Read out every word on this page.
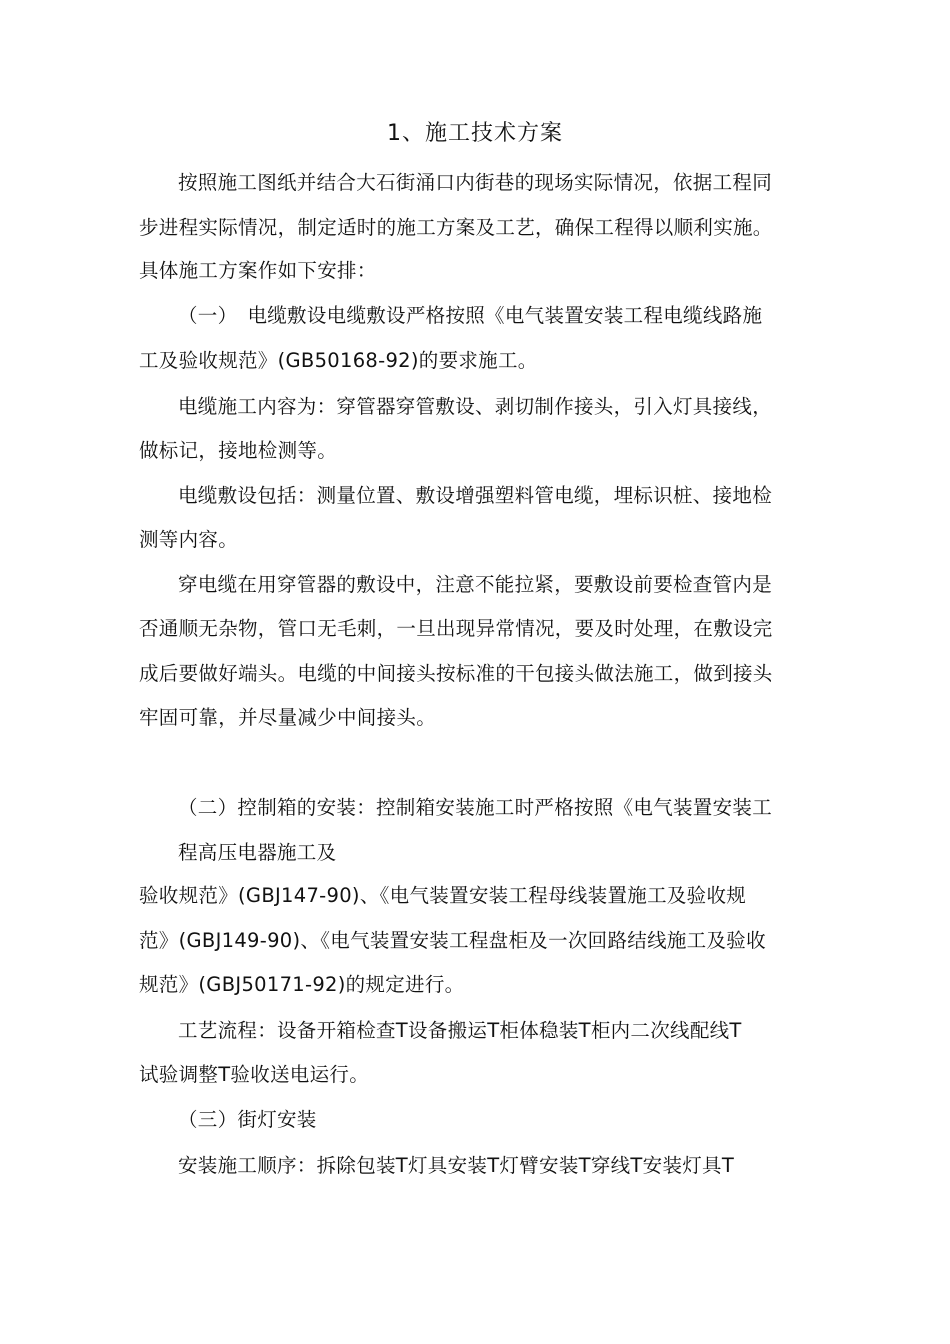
1、施工技术方案
按照施工图纸并结合大石街涌口内街巷的现场实际情况，依据工程同
步进程实际情况，制定适时的施工方案及工艺，确保工程得以顺利实施。
具体施工方案作如下安排：
（一）　电缆敷设电缆敷设严格按照《电气装置安装工程电缆线路施
工及验收规范》(GB50168-92)的要求施工。
电缆施工内容为：穿管器穿管敷设、剥切制作接头，引入灯具接线，
做标记，接地检测等。
电缆敷设包括：测量位置、敷设增强塑料管电缆，埋标识桩、接地检
测等内容。
穿电缆在用穿管器的敷设中，注意不能拉紧，要敷设前要检查管内是
否通顺无杂物，管口无毛刺，一旦出现异常情况，要及时处理，在敷设完
成后要做好端头。电缆的中间接头按标准的干包接头做法施工，做到接头
牢固可靠，并尽量减少中间接头。
（二）控制箱的安装：控制箱安装施工时严格按照《电气装置安装工
程高压电器施工及
验收规范》(GBJ147-90)、《电气装置安装工程母线装置施工及验收规
范》(GBJ149-90)、《电气装置安装工程盘柜及一次回路结线施工及验收
规范》(GBJ50171-92)的规定进行。
工艺流程：设备开箱检查T设备搬运T柜体稳装T柜内二次线配线T
试验调整T验收送电运行。
（三）街灯安装
安装施工顺序：拆除包装T灯具安装T灯臂安装T穿线T安装灯具T
